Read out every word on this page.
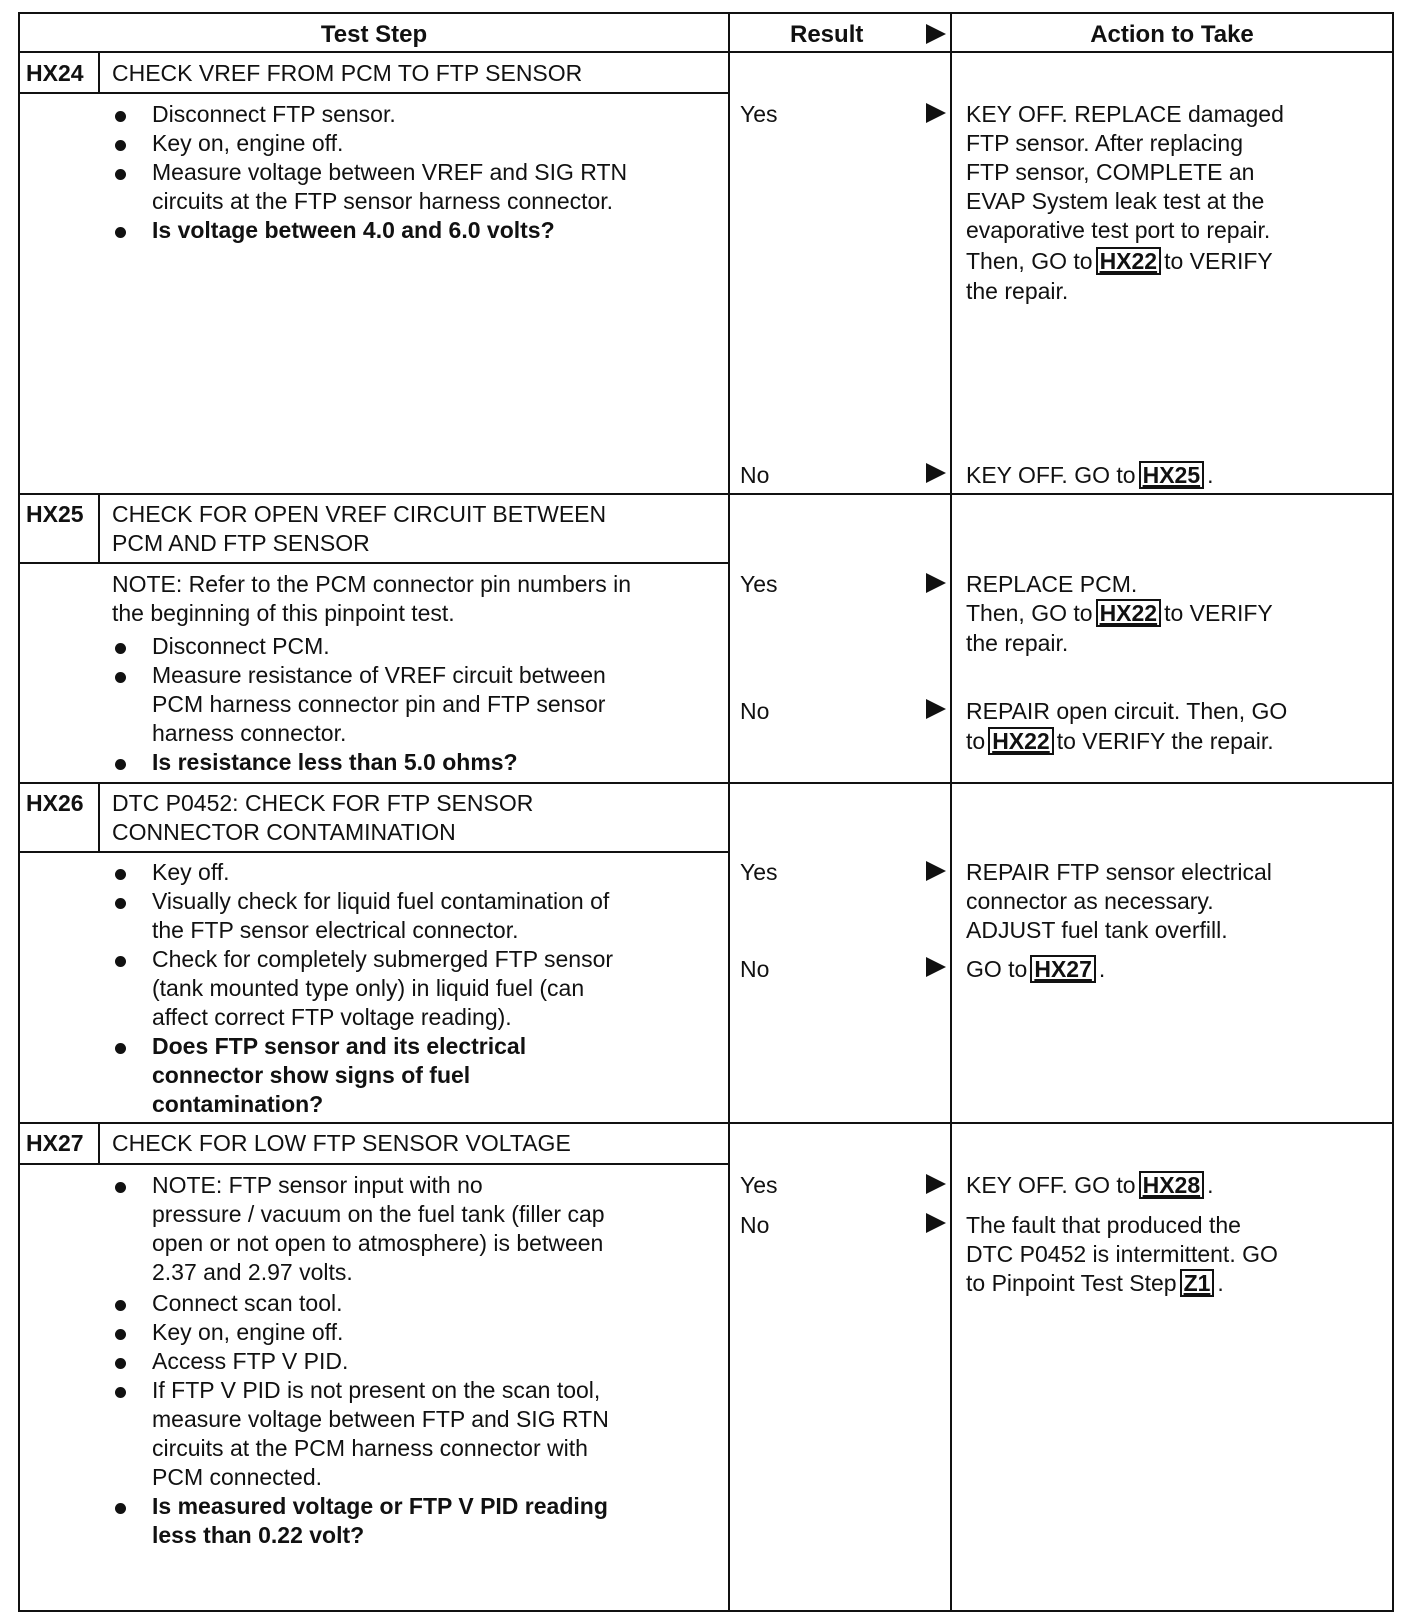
Test Step	Result	Action to Take
HX24 CHECK VREF FROM PCM TO FTP SENSOR
Disconnect FTP sensor.
Key on, engine off.
Measure voltage between VREF and SIG RTN
circuits at the FTP sensor harness connector.
Is voltage between 4.0 and 6.0 volts?
Yes	KEY OFF. REPLACE damaged
FTP sensor. After replacing
FTP sensor, COMPLETE an
EVAP System leak test at the
evaporative test port to repair.
Then, GO to HX22 to VERIFY
the repair.
No	KEY OFF. GO to HX25 .
HX25 CHECK FOR OPEN VREF CIRCUIT BETWEEN
PCM AND FTP SENSOR
NOTE: Refer to the PCM connector pin numbers in
the beginning of this pinpoint test.
Disconnect PCM.
Measure resistance of VREF circuit between
PCM harness connector pin and FTP sensor
harness connector.
Is resistance less than 5.0 ohms?
Yes	REPLACE PCM.
Then, GO to HX22 to VERIFY
the repair.
No	REPAIR open circuit. Then, GO
to HX22 to VERIFY the repair.
HX26 DTC P0452: CHECK FOR FTP SENSOR
CONNECTOR CONTAMINATION
Key off.
Visually check for liquid fuel contamination of
the FTP sensor electrical connector.
Check for completely submerged FTP sensor
(tank mounted type only) in liquid fuel (can
affect correct FTP voltage reading).
Does FTP sensor and its electrical
connector show signs of fuel
contamination?
Yes	REPAIR FTP sensor electrical
connector as necessary.
ADJUST fuel tank overfill.
No	GO to HX27 .
HX27 CHECK FOR LOW FTP SENSOR VOLTAGE
NOTE: FTP sensor input with no
pressure / vacuum on the fuel tank (filler cap
open or not open to atmosphere) is between
2.37 and 2.97 volts.
Connect scan tool.
Key on, engine off.
Access FTP V PID.
If FTP V PID is not present on the scan tool,
measure voltage between FTP and SIG RTN
circuits at the PCM harness connector with
PCM connected.
Is measured voltage or FTP V PID reading
less than 0.22 volt?
Yes	KEY OFF. GO to HX28 .
No	The fault that produced the
DTC P0452 is intermittent. GO
to Pinpoint Test Step Z1 .
